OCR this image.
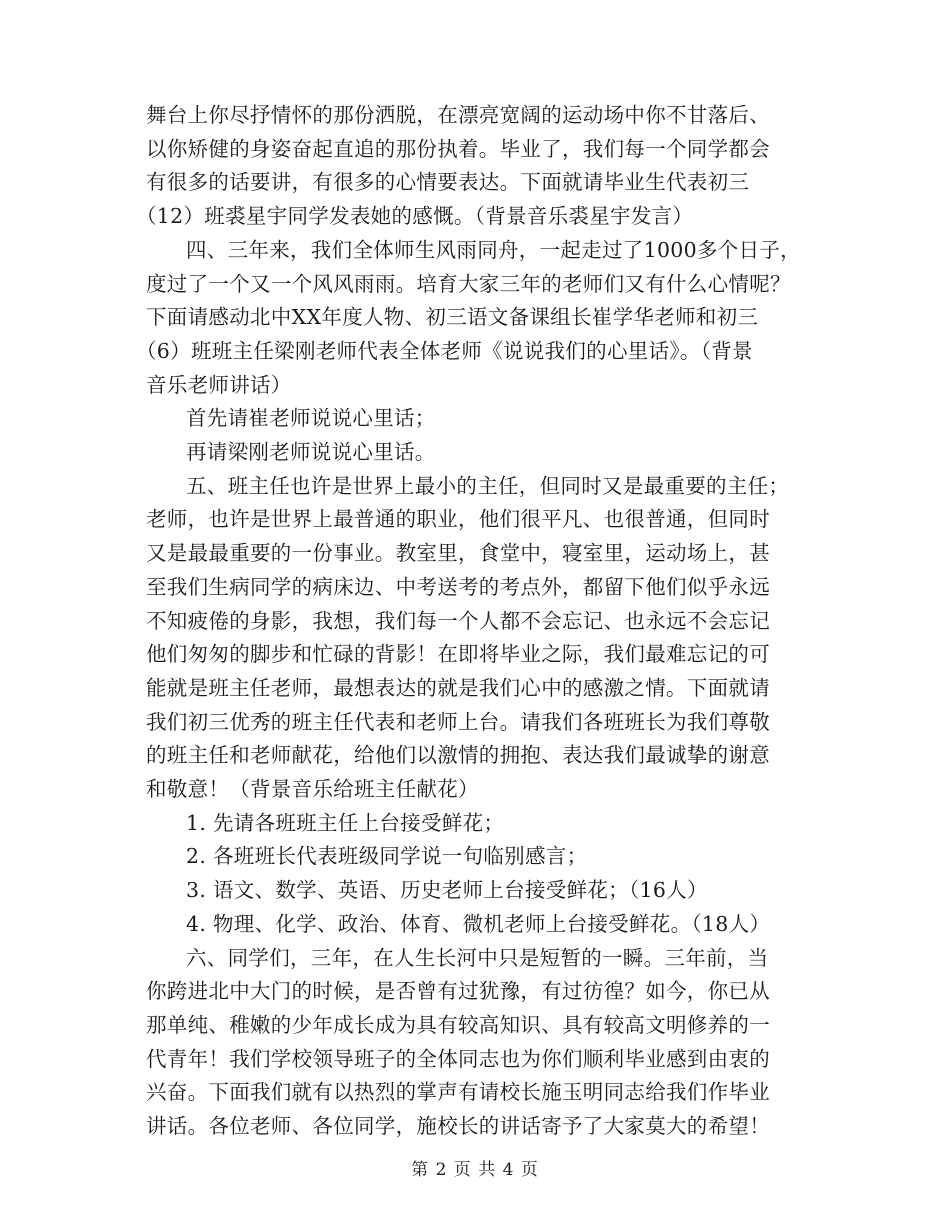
舞台上你尽抒情怀的那份洒脱，在漂亮宽阔的运动场中你不甘落后、
以你矫健的身姿奋起直追的那份执着。毕业了，我们每一个同学都会
有很多的话要讲，有很多的心情要表达。下面就请毕业生代表初三
（12）班裘星宇同学发表她的感慨。（背景音乐裘星宇发言）
四、三年来，我们全体师生风雨同舟，一起走过了1000多个日子，
度过了一个又一个风风雨雨。培育大家三年的老师们又有什么心情呢？
下面请感动北中XX年度人物、初三语文备课组长崔学华老师和初三
（6）班班主任梁刚老师代表全体老师《说说我们的心里话》。（背景
音乐老师讲话）
首先请崔老师说说心里话；
再请梁刚老师说说心里话。
五、班主任也许是世界上最小的主任，但同时又是最重要的主任；
老师，也许是世界上最普通的职业，他们很平凡、也很普通，但同时
又是最最重要的一份事业。教室里，食堂中，寝室里，运动场上，甚
至我们生病同学的病床边、中考送考的考点外，都留下他们似乎永远
不知疲倦的身影，我想，我们每一个人都不会忘记、也永远不会忘记
他们匆匆的脚步和忙碌的背影！在即将毕业之际，我们最难忘记的可
能就是班主任老师，最想表达的就是我们心中的感激之情。下面就请
我们初三优秀的班主任代表和老师上台。请我们各班班长为我们尊敬
的班主任和老师献花，给他们以激情的拥抱、表达我们最诚挚的谢意
和敬意！（背景音乐给班主任献花）
1. 先请各班班主任上台接受鲜花；
2. 各班班长代表班级同学说一句临别感言；
3. 语文、数学、英语、历史老师上台接受鲜花；（16人）
4. 物理、化学、政治、体育、微机老师上台接受鲜花。（18人）
六、同学们，三年，在人生长河中只是短暂的一瞬。三年前，当
你跨进北中大门的时候，是否曾有过犹豫，有过彷徨？如今，你已从
那单纯、稚嫩的少年成长成为具有较高知识、具有较高文明修养的一
代青年！我们学校领导班子的全体同志也为你们顺利毕业感到由衷的
兴奋。下面我们就有以热烈的掌声有请校长施玉明同志给我们作毕业
讲话。各位老师、各位同学，施校长的讲话寄予了大家莫大的希望！
第 2 页 共 4 页
